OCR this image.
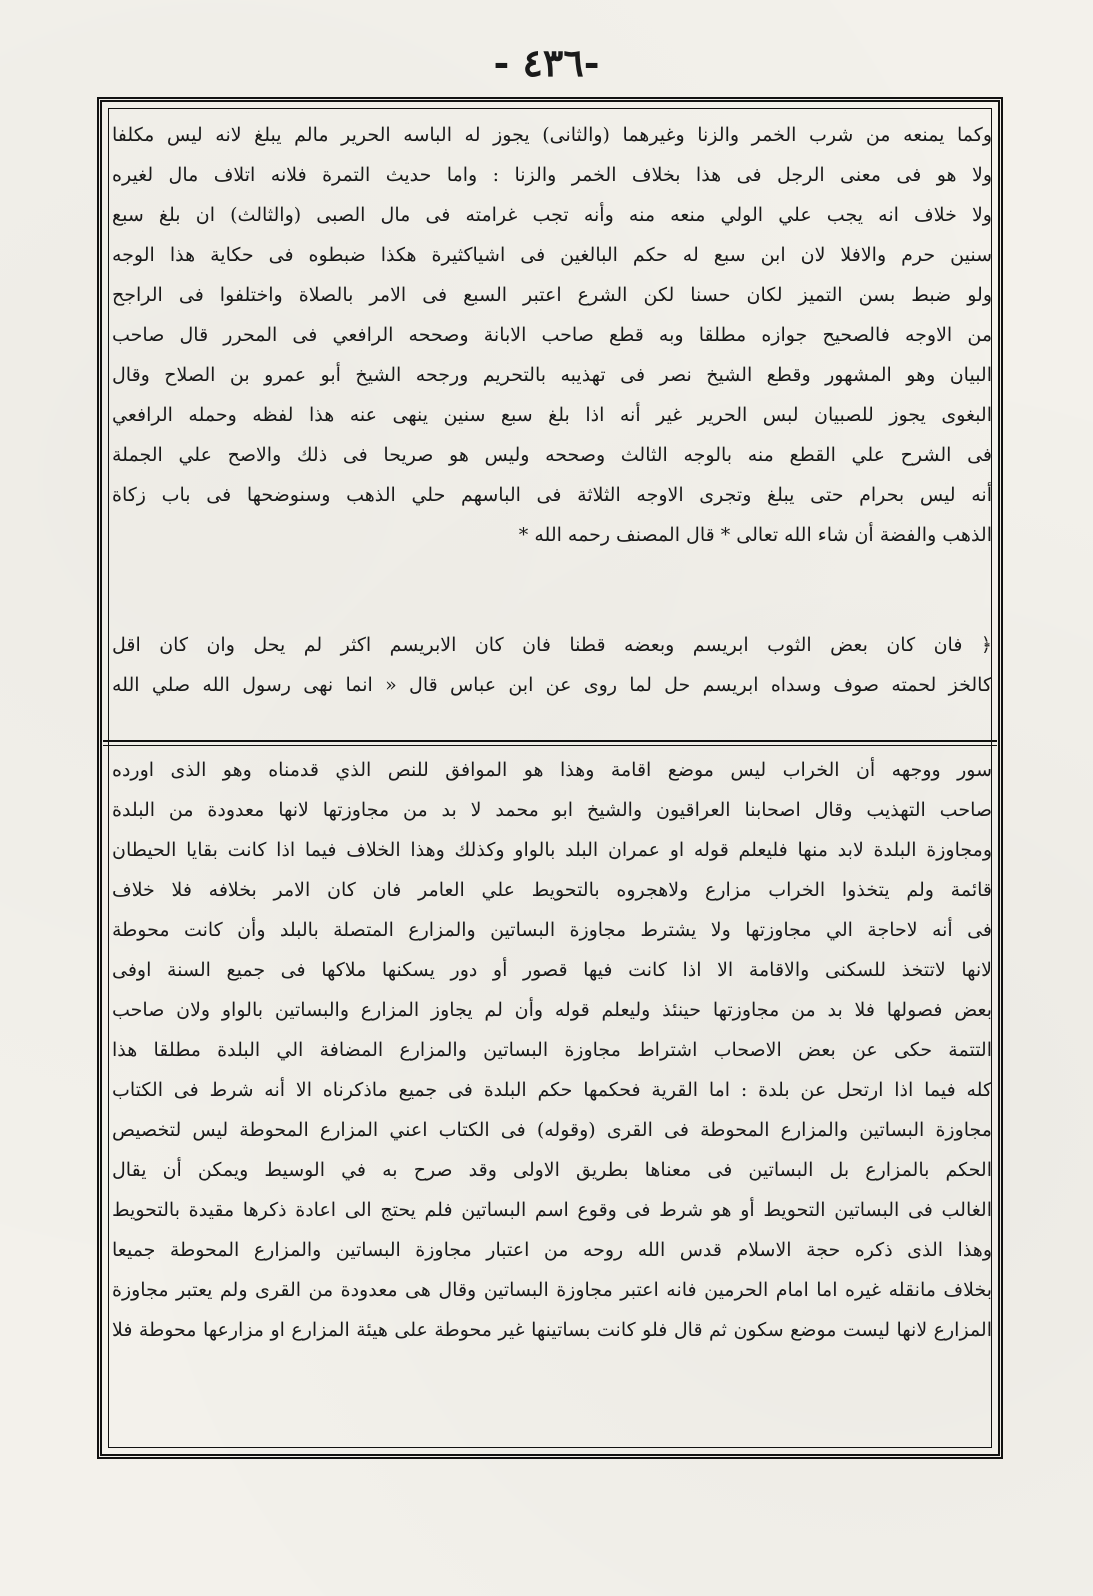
-٤٣٦ -
وكما يمنعه من شرب الخمر والزنا وغيرهما (والثانى) يجوز له الباسه الحرير مالم يبلغ لانه ليس مكلفا
ولا هو فى معنى الرجل فى هذا بخلاف الخمر والزنا : واما حديث التمرة فلانه اتلاف مال لغيره
ولا خلاف انه يجب علي الولي منعه منه وأنه تجب غرامته فى مال الصبى (والثالث) ان بلغ سبع
سنين حرم والافلا لان ابن سبع له حكم البالغين فى اشياكثيرة هكذا ضبطوه فى حكاية هذا الوجه
ولو ضبط بسن التميز لكان حسنا لكن الشرع اعتبر السبع فى الامر بالصلاة واختلفوا فى الراجح
من الاوجه فالصحيح جوازه مطلقا وبه قطع صاحب الابانة وصححه الرافعي فى المحرر قال صاحب
البيان وهو المشهور وقطع الشيخ نصر فى تهذيبه بالتحريم ورجحه الشيخ أبو عمرو بن الصلاح وقال
البغوى يجوز للصبيان لبس الحرير غير أنه اذا بلغ سبع سنين ينهى عنه هذا لفظه وحمله الرافعي
فى الشرح علي القطع منه بالوجه الثالث وصححه وليس هو صريحا فى ذلك والاصح علي الجملة
أنه ليس بحرام حتى يبلغ وتجرى الاوجه الثلاثة فى الباسهم حلي الذهب وسنوضحها فى باب زكاة
الذهب والفضة أن شاء الله تعالى * قال المصنف رحمه الله *
﴿ فان كان بعض الثوب ابريسم وبعضه قطنا فان كان الابريسم اكثر لم يحل وان كان اقل
كالخز لحمته صوف وسداه ابريسم حل لما روى عن ابن عباس قال « انما نهى رسول الله صلي الله
سور ووجهه أن الخراب ليس موضع اقامة وهذا هو الموافق للنص الذي قدمناه وهو الذى اورده
صاحب التهذيب وقال اصحابنا العراقيون والشيخ ابو محمد لا بد من مجاوزتها لانها معدودة من البلدة
ومجاوزة البلدة لابد منها فليعلم قوله او عمران البلد بالواو وكذلك وهذا الخلاف فيما اذا كانت بقايا الحيطان
قائمة ولم يتخذوا الخراب مزارع ولاهجروه بالتحويط علي العامر فان كان الامر بخلافه فلا خلاف
فى أنه لاحاجة الي مجاوزتها ولا يشترط مجاوزة البساتين والمزارع المتصلة بالبلد وأن كانت محوطة
لانها لاتتخذ للسكنى والاقامة الا اذا كانت فيها قصور أو دور يسكنها ملاكها فى جميع السنة اوفى
بعض فصولها فلا بد من مجاوزتها حينئذ وليعلم قوله وأن لم يجاوز المزارع والبساتين بالواو ولان صاحب
التتمة حكى عن بعض الاصحاب اشتراط مجاوزة البساتين والمزارع المضافة الي البلدة مطلقا هذا
كله فيما اذا ارتحل عن بلدة : اما القرية فحكمها حكم البلدة فى جميع ماذكرناه الا أنه شرط فى الكتاب
مجاوزة البساتين والمزارع المحوطة فى القرى (وقوله) فى الكتاب اعني المزارع المحوطة ليس لتخصيص
الحكم بالمزارع بل البساتين فى معناها بطريق الاولى وقد صرح به في الوسيط ويمكن أن يقال
الغالب فى البساتين التحويط أو هو شرط فى وقوع اسم البساتين فلم يحتج الى اعادة ذكرها مقيدة بالتحويط
وهذا الذى ذكره حجة الاسلام قدس الله روحه من اعتبار مجاوزة البساتين والمزارع المحوطة جميعا
بخلاف مانقله غيره اما امام الحرمين فانه اعتبر مجاوزة البساتين وقال هى معدودة من القرى ولم يعتبر مجاوزة
المزارع لانها ليست موضع سكون ثم قال فلو كانت بساتينها غير محوطة على هيئة المزارع او مزارعها محوطة فلا
